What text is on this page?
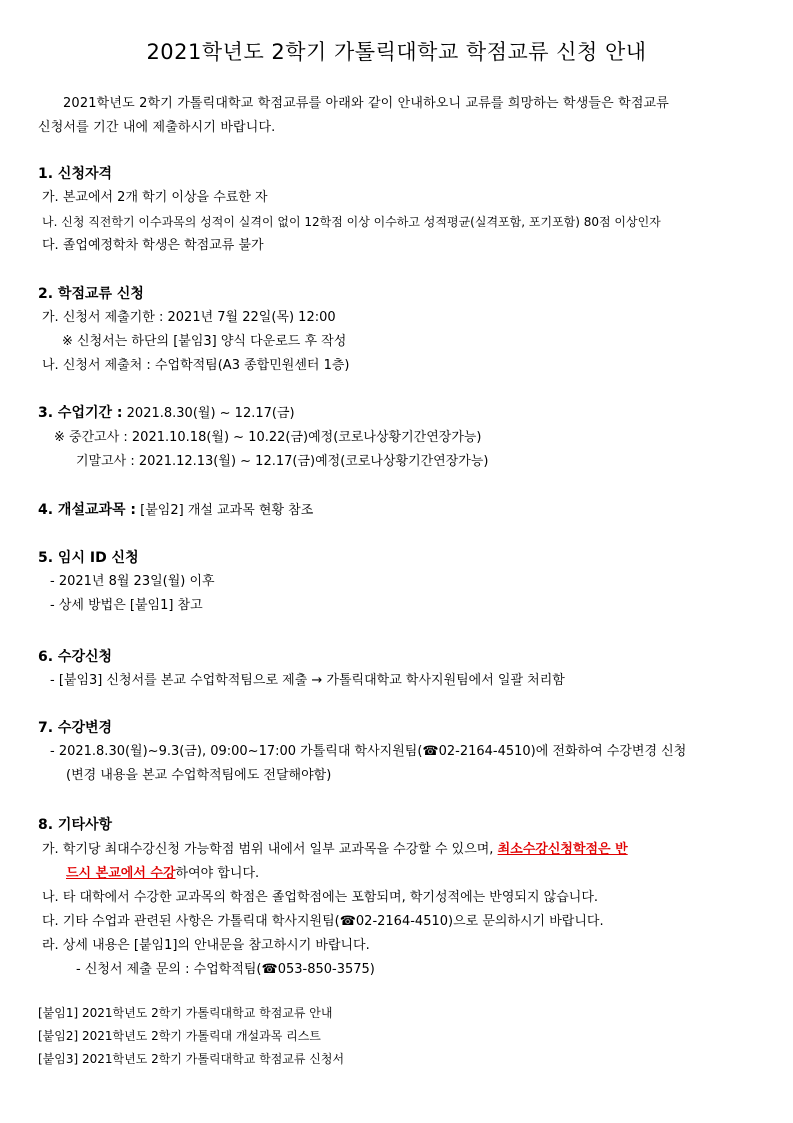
2021학년도 2학기 가톨릭대학교 학점교류 신청 안내
2021학년도 2학기 가톨릭대학교 학점교류를 아래와 같이 안내하오니 교류를 희망하는 학생들은 학점교류
신청서를 기간 내에 제출하시기 바랍니다.
1. 신청자격
가. 본교에서 2개 학기 이상을 수료한 자
나. 신청 직전학기 이수과목의 성적이 실격이 없이 12학점 이상 이수하고 성적평균(실격포함, 포기포함) 80점 이상인자
다. 졸업예정학차 학생은 학점교류 불가
2. 학점교류 신청
가. 신청서 제출기한 : 2021년 7월 22일(목) 12:00
※ 신청서는 하단의 [붙임3] 양식 다운로드 후 작성
나. 신청서 제출처 : 수업학적팀(A3 종합민원센터 1층)
3. 수업기간 : 2021.8.30(월) ~ 12.17(금)
※ 중간고사 : 2021.10.18(월) ~ 10.22(금)예정(코로나상황기간연장가능)
기말고사 : 2021.12.13(월) ~ 12.17(금)예정(코로나상황기간연장가능)
4. 개설교과목 : [붙임2] 개설 교과목 현황 참조
5. 임시 ID 신청
- 2021년 8월 23일(월) 이후
- 상세 방법은 [붙임1] 참고
6. 수강신청
- [붙임3] 신청서를 본교 수업학적팀으로 제출 → 가톨릭대학교 학사지원팀에서 일괄 처리함
7. 수강변경
- 2021.8.30(월)~9.3(금), 09:00~17:00 가톨릭대 학사지원팀(☎02-2164-4510)에 전화하여 수강변경 신청
(변경 내용을 본교 수업학적팀에도 전달해야함)
8. 기타사항
가. 학기당 최대수강신청 가능학점 범위 내에서 일부 교과목을 수강할 수 있으며, 최소수강신청학점은 반
드시 본교에서 수강하여야 합니다.
나. 타 대학에서 수강한 교과목의 학점은 졸업학점에는 포함되며, 학기성적에는 반영되지 않습니다.
다. 기타 수업과 관련된 사항은 가톨릭대 학사지원팀(☎02-2164-4510)으로 문의하시기 바랍니다.
라. 상세 내용은 [붙임1]의 안내문을 참고하시기 바랍니다.
- 신청서 제출 문의 : 수업학적팀(☎053-850-3575)
[붙임1] 2021학년도 2학기 가톨릭대학교 학점교류 안내
[붙임2] 2021학년도 2학기 가톨릭대 개설과목 리스트
[붙임3] 2021학년도 2학기 가톨릭대학교 학점교류 신청서
